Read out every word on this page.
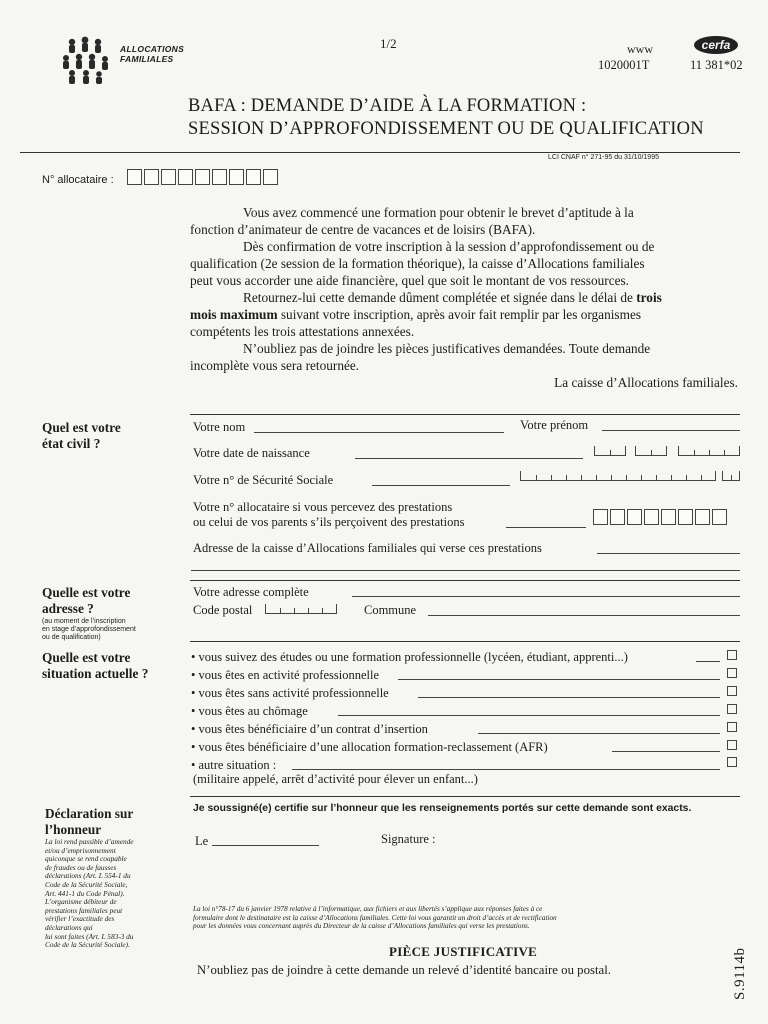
ALLOCATIONS
FAMILIALES
1/2	www
1020001T
cerfa
11 381*02
BAFA : DEMANDE D’AIDE À LA FORMATION :
SESSION D’APPROFONDISSEMENT OU DE QUALIFICATION
LCI CNAF n° 271-95 du 31/10/1995
N° allocataire :
Vous avez commencé une formation pour obtenir le brevet d’aptitude à la
fonction d’animateur de centre de vacances et de loisirs (BAFA).
Dès confirmation de votre inscription à la session d’approfondissement ou de
qualification (2e session de la formation théorique), la caisse d’Allocations familiales
peut vous accorder une aide financière, quel que soit le montant de vos ressources.
Retournez-lui cette demande dûment complétée et signée dans le délai de trois
mois maximum suivant votre inscription, après avoir fait remplir par les organismes
compétents les trois attestations annexées.
N’oubliez pas de joindre les pièces justificatives demandées. Toute demande
incomplète vous sera retournée.
La caisse d’Allocations familiales.
Quel est votre
état civil ?
Votre nom	Votre prénom
Votre date de naissance
Votre n° de Sécurité Sociale
Votre n° allocataire si vous percevez des prestations
ou celui de vos parents s’ils perçoivent des prestations
Adresse de la caisse d’Allocations familiales qui verse ces prestations
Quelle est votre
adresse ?
(au moment de l’inscription
en stage d’approfondissement
ou de qualification)
Votre adresse complète
Code postal	Commune
Quelle est votre
situation actuelle ?
• vous suivez des études ou une formation professionnelle (lycéen, étudiant, apprenti...)
• vous êtes en activité professionnelle
• vous êtes sans activité professionnelle
• vous êtes au chômage
• vous êtes bénéficiaire d’un contrat d’insertion
• vous êtes bénéficiaire d’une allocation formation-reclassement (AFR)
• autre situation :
(militaire appelé, arrêt d’activité pour élever un enfant...)
Déclaration sur
l’honneur
La loi rend passible d’amende
et/ou d’emprisonnement
quiconque se rend coupable
de fraudes ou de fausses
déclarations (Art. L 554-1 du
Code de la Sécurité Sociale,
Art. 441-1 du Code Pénal).
L’organisme débiteur de
prestations familiales peut
vérifier l’exactitude des
déclarations qui
lui sont faites (Art. L 583-3 du
Code de la Sécurité Sociale).
Je soussigné(e) certifie sur l’honneur que les renseignements portés sur cette demande sont exacts.
Le	Signature :
La loi n°78-17 du 6 janvier 1978 relative à l’informatique, aux fichiers et aux libertés s’applique aux réponses faites à ce
formulaire dont le destinataire est la caisse d’Allocations familiales. Cette loi vous garantit un droit d’accès et de rectification
pour les données vous concernant auprès du Directeur de la caisse d’Allocations familiales qui verse les prestations.
PIÈCE JUSTIFICATIVE
N’oubliez pas de joindre à cette demande un relevé d’identité bancaire ou postal.	S.9114b
